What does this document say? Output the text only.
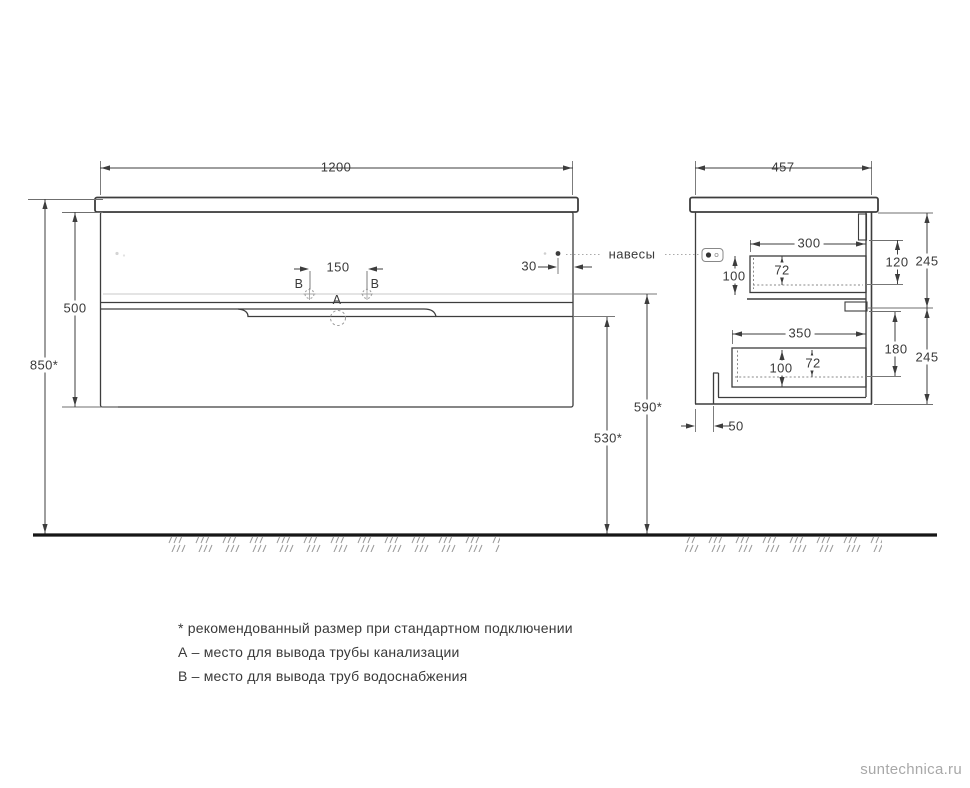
1200	457
150
В	В
А
30
навесы
500
850*
590*
530*
300
100 72
120 245
350
100 72
180
245
50
* рекомендованный размер при стандартном подключении
А – место для вывода трубы канализации
В – место для вывода труб водоснабжения
suntechnica.ru
